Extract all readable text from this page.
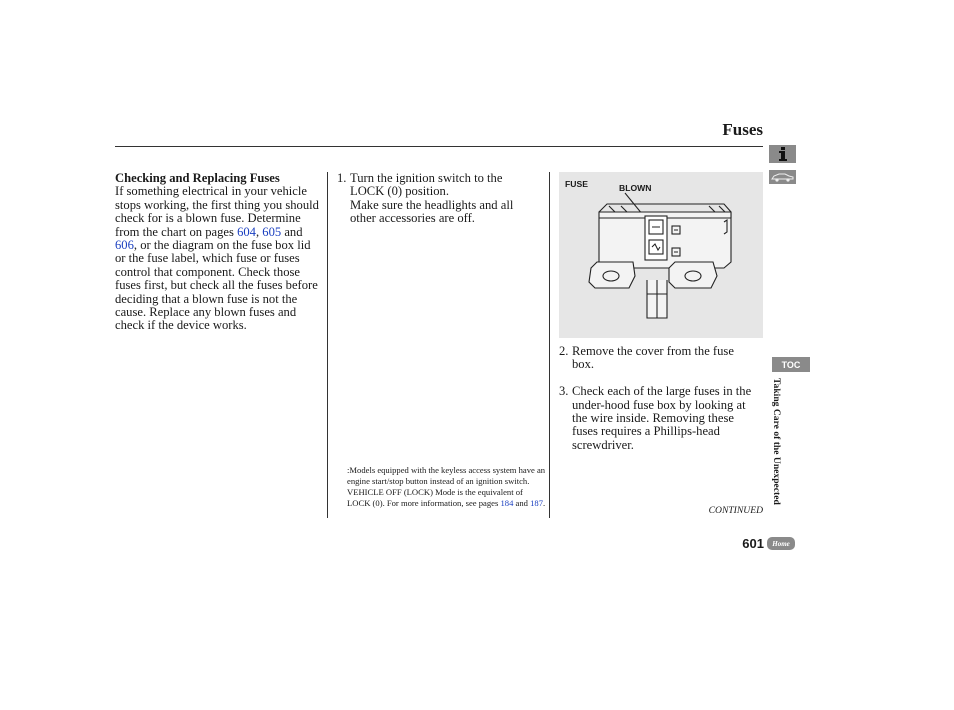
Fuses
Checking and Replacing Fuses
If something electrical in your vehicle stops working, the first thing you should check for is a blown fuse. Determine from the chart on pages 604, 605 and 606, or the diagram on the fuse box lid or the fuse label, which fuse or fuses control that component. Check those fuses first, but check all the fuses before deciding that a blown fuse is not the cause. Replace any blown fuses and check if the device works.
1. Turn the ignition switch to the LOCK (0) position.
Make sure the headlights and all other accessories are off.
:Models equipped with the keyless access system have an engine start/stop button instead of an ignition switch. VEHICLE OFF (LOCK) Mode is the equivalent of LOCK (0). For more information, see pages 184 and 187.
FUSE	BLOWN
2. Remove the cover from the fuse box.
3. Check each of the large fuses in the under-hood fuse box by looking at the wire inside. Removing these fuses requires a Phillips-head screwdriver.
CONTINUED
601
TOC
Taking Care of the Unexpected
Home
